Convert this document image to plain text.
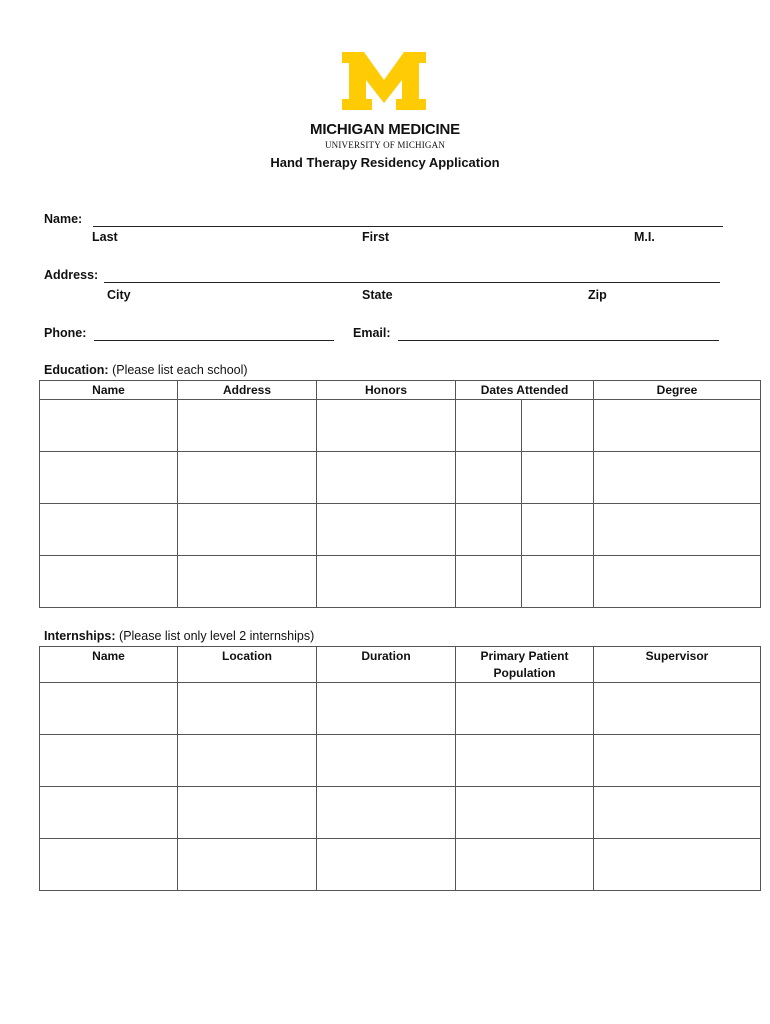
MICHIGAN MEDICINE
UNIVERSITY OF MICHIGAN
Hand Therapy Residency Application
Name:
Last	First	M.I.
Address:
City	State	Zip
Phone:	Email:
Education: (Please list each school)
Name	Address	Honors	Dates Attended		Degree

Internships: (Please list only level 2 internships)
Name	Location	Duration	Primary Patient Population	Supervisor
